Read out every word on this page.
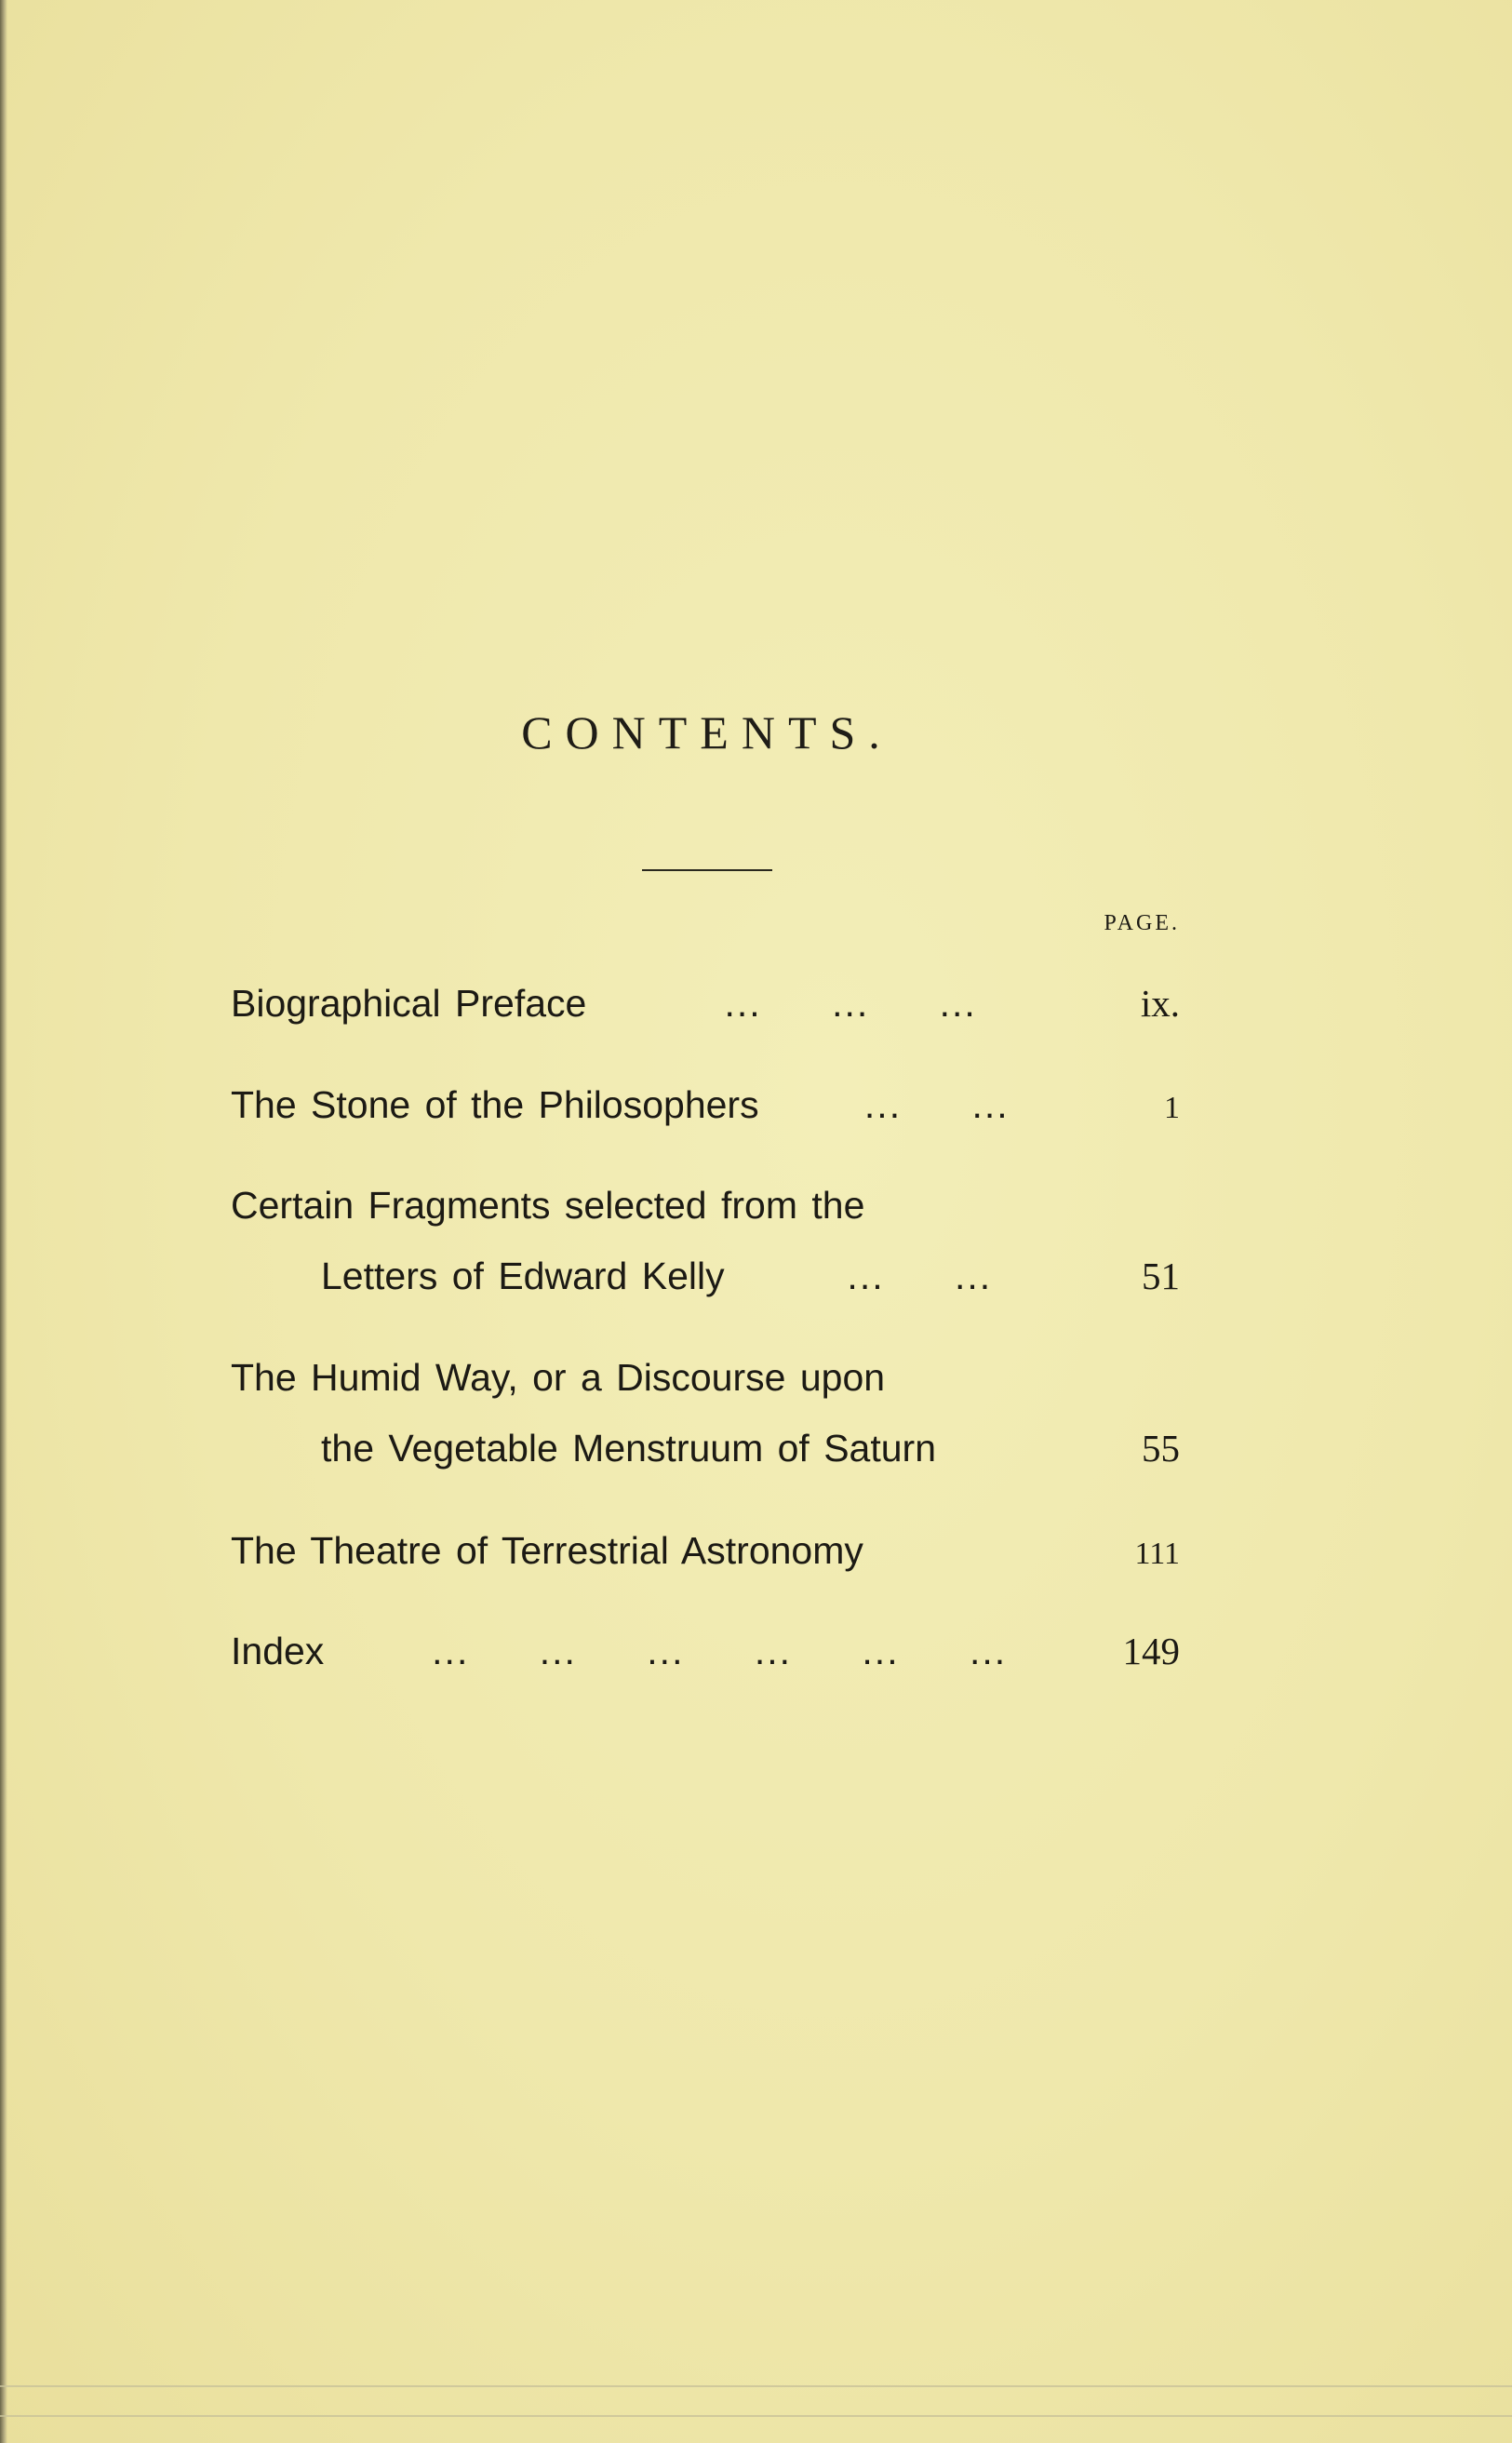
CONTENTS.
PAGE.
Biographical Preface	... ... ...	ix.
The Stone of the Philosophers	... ...	1
Certain Fragments selected from the
Letters of Edward Kelly	... ...	51
The Humid Way, or a Discourse upon
the Vegetable Menstruum of Saturn	55
The Theatre of Terrestrial Astronomy	111
Index	... ... ... ... ... ...	149
